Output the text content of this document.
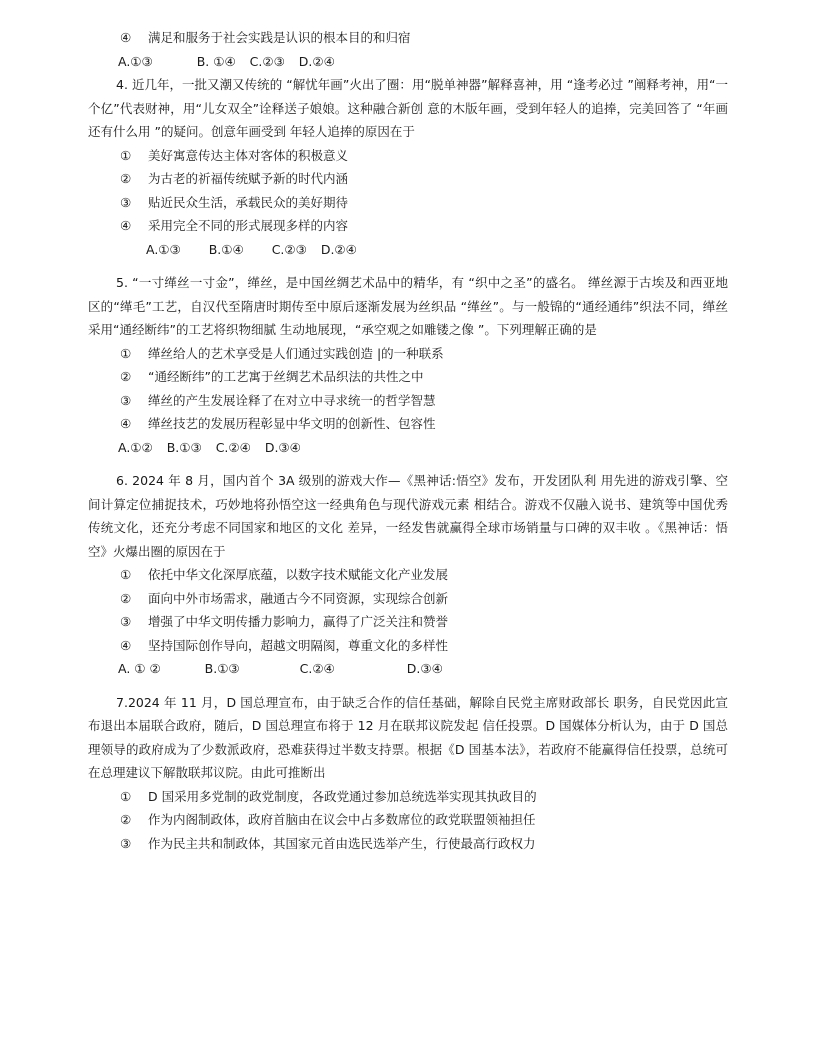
④ 满足和服务于社会实践是认识的根本目的和归宿
A.①③	B. ①④ C.②③ D.②④
4. 近几年，一批又潮又传统的 “解忧年画”火出了圈：用“脱单神器”解释喜神，用 “逢考必过 ”阐释考神，用“一个亿”代表财神，用“儿女双全”诠释送子娘娘。这种融合新创 意的木版年画，受到年轻人的追捧，完美回答了 “年画还有什么用 ”的疑问。创意年画受到 年轻人追捧的原因在于
① 美好寓意传达主体对客体的积极意义
② 为古老的祈福传统赋予新的时代内涵
③ 贴近民众生活，承载民众的美好期待
④ 采用完全不同的形式展现多样的内容
A.①③ B.①④ C.②③ D.②④
5. “一寸缂丝一寸金”，缂丝，是中国丝绸艺术品中的精华，有 “织中之圣”的盛名。 缂丝源于古埃及和西亚地区的“缂毛”工艺，自汉代至隋唐时期传至中原后逐渐发展为丝织品 “缂丝”。与一般锦的“通经通纬”织法不同，缂丝采用“通经断纬”的工艺将织物细腻 生动地展现，“承空观之如雕镂之像 ”。下列理解正确的是
① 缂丝给人的艺术享受是人们通过实践创造 |的一种联系
② “通经断纬”的工艺寓于丝绸艺术品织法的共性之中
③ 缂丝的产生发展诠释了在对立中寻求统一的哲学智慧
④ 缂丝技艺的发展历程彰显中华文明的创新性、包容性
A.①② B.①③ C.②④ D.③④
6. 2024 年 8 月，国内首个 3A 级别的游戏大作—《黑神话:悟空》发布，开发团队利 用先进的游戏引擎、空间计算定位捕捉技术，巧妙地将孙悟空这一经典角色与现代游戏元素 相结合。游戏不仅融入说书、建筑等中国优秀传统文化，还充分考虑不同国家和地区的文化 差异，一经发售就赢得全球市场销量与口碑的双丰收 。《黑神话：悟空》火爆出圈的原因在于
① 依托中华文化深厚底蕴，以数字技术赋能文化产业发展
② 面向中外市场需求，融通古今不同资源，实现综合创新
③ 增强了中华文明传播力影响力，赢得了广泛关注和赞誉
④ 坚持国际创作导向，超越文明隔阂，尊重文化的多样性
A. ① ②	B.①③	C.②④	D.③④
7.2024 年 11 月，D 国总理宣布，由于缺乏合作的信任基础，解除自民党主席财政部长 职务，自民党因此宣布退出本届联合政府，随后，D 国总理宣布将于 12 月在联邦议院发起 信任投票。D 国媒体分析认为，由于 D 国总理领导的政府成为了少数派政府，恐难获得过半数支持票。根据《D 国基本法》，若政府不能赢得信任投票，总统可在总理建议下解散联邦议院。由此可推断出
① D 国采用多党制的政党制度，各政党通过参加总统选举实现其执政目的
② 作为内阁制政体，政府首脑由在议会中占多数席位的政党联盟领袖担任
③ 作为民主共和制政体，其国家元首由选民选举产生，行使最高行政权力
